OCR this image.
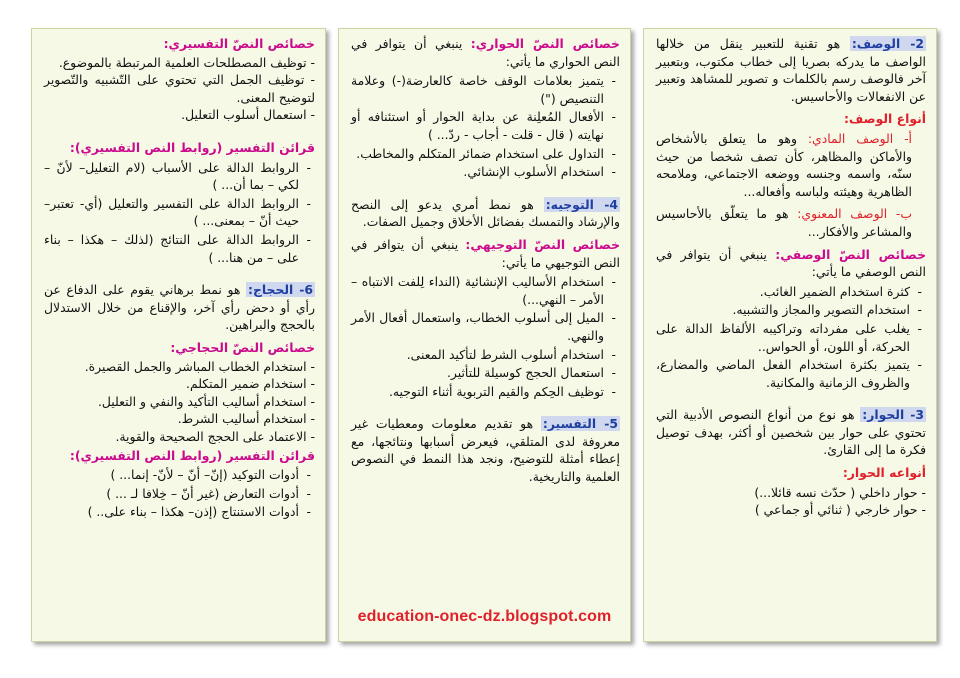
2- الوصف: هو تقنية للتعبير ينقل من خلالها الواصف ما يدركه بصريا إلى خطاب مكتوب، وبتعبير آخر فالوصف رسم بالكلمات و تصوير للمشاهد وتعبير عن الانفعالات والأحاسيس.

أنواع الوصف:

أ- الوصف المادي: وهو ما يتعلق بالأشخاص والأماكن والمظاهر، كأن تصف شخصا من حيث سنّه، واسمه وجنسه ووضعه الاجتماعي، وملامحه الظاهرية وهيئته ولباسه وأفعاله...

ب- الوصف المعنوي: هو ما يتعلّق بالأحاسيس والمشاعر والأفكار...

خصائص النصّ الوصفي: ينبغي أن يتوافر في النص الوصفي ما يأتي:

- كثرة استخدام الضمير الغائب.
- استخدام التصوير والمجاز والتشبيه.
- يغلب على مفرداته وتراكيبه الألفاظ الدالة على الحركة، أو اللون، أو الحواس..
- يتميز بكثرة استخدام الفعل الماضي والمضارع، والظروف الزمانية والمكانية.

3- الحوار: هو نوع من أنواع النصوص الأدبية التي تحتوي على حوار بين شخصين أو أكثر، بهدف توصيل فكرة ما إلى القارئ.

أنواعه الحوار:

- حوار داخلي ( حدّث نسه قائلا...)

- حوار خارجي ( ثنائي أو جماعي )

خصائص النصّ الحواري: ينبغي أن يتوافر في النص الحواري ما يأتي:

- يتميز بعلامات الوقف خاصة كالعارضة(-) وعلامة التنصيص (")
- الأفعال المُعلِنة عن بداية الحوار أو استئنافه أو نهايته ( قال - قلت - أجاب - ردّ... )
- التداول على استخدام ضمائر المتكلم والمخاطب.
- استخدام الأسلوب الإنشائي.

4- التوجيه: هو نمط أمري يدعو إلى النصح والإرشاد والتمسك بفضائل الأخلاق وجميل الصفات.

خصائص النصّ التوجيهي: ينبغي أن يتوافر في النص التوجيهي ما يأتي:

- استخدام الأساليب الإنشائية (النداء لِلفت الانتباه – الأمر – النهي...)
- الميل إلى أسلوب الخطاب، واستعمال أفعال الأمر والنهي.
- استخدام أسلوب الشرط لتأكيد المعنى.
- استعمال الحجج كوسيلة للتأثير.
- توظيف الحِكم والقيم التربوية أثناء التوجيه.

5- التفسير: هو تقديم معلومات ومعطيات غير معروفة لدى المتلقي، فيعرض أسبابها ونتائجها، مع إعطاء أمثلة للتوضيح، ونجد هذا النمط في النصوص العلمية والتاريخية.

خصائص النصّ التفسيري:

- توظيف المصطلحات العلمية المرتبطة بالموضوع.

- توظيف الجمل التي تحتوي على التّشبيه والتّصوير لتوضيح المعنى.

- استعمال أسلوب التعليل.

قرائن التفسير (روابط النص التفسيري):

- الروابط الدالة على الأسباب (لام التعليل– لأنّ – لكي – بما أن... )
- الروابط الدالة على التفسير والتعليل (أي- تعتبر– حيث أنّ – بمعنى... )
- الروابط الدالة على النتائج (لذلك – هكذا – بناء على – من هنا... )

6- الحجاج: هو نمط برهاني يقوم على الدفاع عن رأي أو دحض رأي آخر، والإقناع من خلال الاستدلال بالحجج والبراهين.

خصائص النصّ الحجاجي:

- استخدام الخطاب المباشر والجمل القصيرة.

- استخدام ضمير المتكلم.

- استخدام أساليب التأكيد والنفي و التعليل.

- استخدام أساليب الشرط.

- الاعتماد على الحجج الصحيحة والقوية.

قرائن التفسير (روابط النص التفسيري):

- أدوات التوكيد (إنّ– أنّ – لأنّ- إنما... )
- أدوات التعارض (غير أنّ – خِلافا لـ ... )
- أدوات الاستنتاج (إذن– هكذا – بناء على.. )
education-onec-dz.blogspot.com
